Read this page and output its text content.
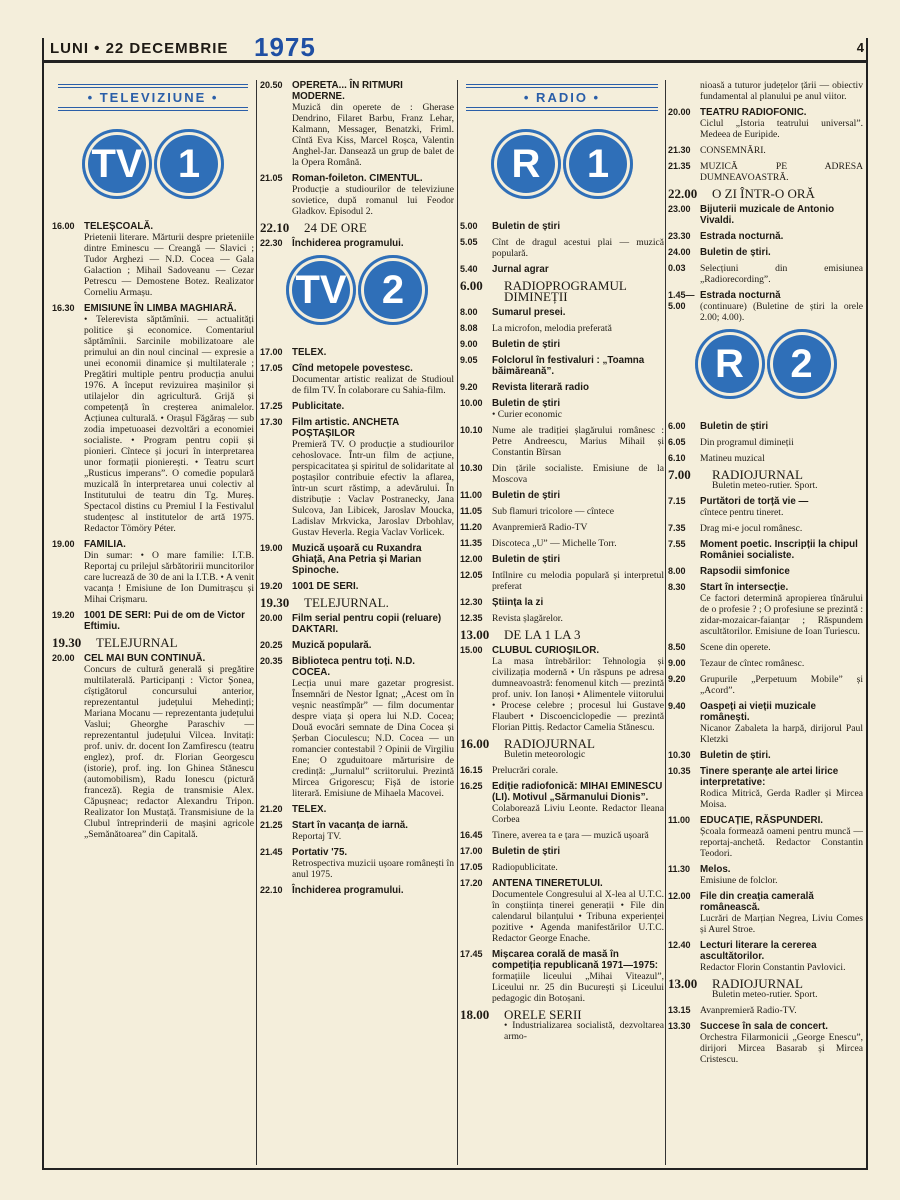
LUNI • 22 DECEMBRIE 1975	4
• TELEVIZIUNE •
TV 1
16.00 TELEȘCOALĂ.
Prietenii literare. Mărturii despre prieteniile dintre Eminescu — Creangă — Slavici ; Tudor Arghezi — N.D. Cocea — Gala Galaction ; Mihail Sadoveanu — Cezar Petrescu — Demostene Botez. Realizator Corneliu Armașu.
16.30 EMISIUNE ÎN LIMBA MAGHIARĂ.
• Telerevista săptămînii. — actualități politice și economice. Comentariul săptămînii. Sarcinile mobilizatoare ale primului an din noul cincinal — expresie a unei economii dinamice și multilaterale ; Pregătiri multiple pentru producția anului 1976. A început revizuirea mașinilor și utilajelor din agricultură. Grijă și competență în creșterea animalelor. Acțiunea culturală. • Orașul Făgăraș — sub zodia impetuoasei dezvoltări a economiei socialiste. • Program pentru copii și pionieri. Cîntece și jocuri în interpretarea unor formații pionierești. • Teatru scurt „Rusticus imperans”. O comedie populară muzicală în interpretarea unui colectiv al Institutului de teatru din Tg. Mureș. Spectacol distins cu Premiul I la Festivalul studențesc al institutelor de artă 1975. Redactor Tömöry Péter.
19.00 FAMILIA.
Din sumar: • O mare familie: I.T.B. Reportaj cu prilejul sărbătoririi muncitorilor care lucrează de 30 de ani la I.T.B. • A venit vacanța ! Emisiune de Ion Dumitrașcu și Mihai Crișmaru.
19.20 1001 DE SERI: Pui de om de Victor Eftimiu.
19.30	TELEJURNAL
20.00 CEL MAI BUN CONTINUĂ.
Concurs de cultură generală și pregătire multilaterală. Participanți : Victor Șonea, cîștigătorul concursului anterior, reprezentantul județului Mehedinți; Mariana Mocanu — reprezentanta județului Vaslui; Gheorghe Paraschiv — reprezentantul județului Vilcea. Invitați: prof. univ. dr. docent Ion Zamfirescu (teatru englez), prof. dr. Florian Georgescu (istorie), prof. ing. Ion Ghinea Stănescu (automobilism), Radu Ionescu (pictură franceză). Regia de transmisie Alex. Căpușneac; redactor Alexandru Tripon. Realizator Ion Mustață. Transmisiune de la Clubul întreprinderii de mașini agricole „Semănătoarea” din Capitală.
20.50 OPERETA... ÎN RITMURI MODERNE.
Muzică din operete de : Gherase Dendrino, Filaret Barbu, Franz Lehar, Kalmann, Messager, Benatzki, Friml. Cîntă Eva Kiss, Marcel Roșca, Valentin Anghel-Jar. Dansează un grup de balet de la Opera Română.
21.05 Roman-foileton. CIMENTUL.
Producție a studiourilor de televiziune sovietice, după romanul lui Feodor Gladkov. Episodul 2.
22.10	24 DE ORE
22.30 Închiderea programului.
TV 2
17.00 TELEX.
17.05 Cînd metopele povestesc.
Documentar artistic realizat de Studioul de film TV. În colaborare cu Sahia-film.
17.25 Publicitate.
17.30 Film artistic. ANCHETA POȘTAȘILOR
Premieră TV. O producție a studiourilor cehoslovace. Într-un film de acțiune, perspicacitatea și spiritul de solidaritate al poștașilor contribuie efectiv la aflarea, într-un scurt răstimp, a adevărului. În distribuție : Vaclav Postranecky, Jana Sulcova, Jan Libicek, Jaroslav Moucka, Ladislav Mrkvicka, Jaroslav Drbohlav, Gustav Heverla. Regia Vaclav Vorlicek.
19.00 Muzică ușoară cu Ruxandra Ghiață, Ana Petria și Marian Spinoche.
19.20 1001 DE SERI.
19.30	TELEJURNAL.
20.00 Film serial pentru copii (reluare) DAKTARI.
20.25 Muzică populară.
20.35 Biblioteca pentru toți. N.D. COCEA.
Lecția unui mare gazetar progresist. Însemnări de Nestor Ignat; „Acest om în veșnic neastîmpăr” — film documentar despre viața și opera lui N.D. Cocea; Două evocări semnate de Dina Cocea și Șerban Cioculescu; N.D. Cocea — un romancier contestabil ? Opinii de Virgiliu Ene; O zguduitoare mărturisire de credință: „Jurnalul” scriitorului. Prezintă Mircea Grigorescu; Fișă de istorie literară. Emisiune de Mihaela Macovei.
21.20 TELEX.
21.25 Start în vacanța de iarnă.
Reportaj TV.
21.45 Portativ '75.
Retrospectiva muzicii ușoare românești în anul 1975.
22.10 Închiderea programului.
• RADIO •
R	1
5.00	Buletin de știri
5.05	Cînt de dragul acestui plai — muzică populară.
5.40	Jurnal agrar
6.00	RADIOPROGRAMUL DIMINEȚII
8.00	Sumarul presei.
8.08	La microfon, melodia preferată
9.00	Buletin de știri
9.05	Folclorul în festivaluri : „Toamna băimăreană”.
9.20	Revista literară radio
10.00 Buletin de știri
• Curier economic
10.10 Nume ale tradiției șlagărului românesc : Petre Andreescu, Marius Mihail și Constantin Bîrsan
10.30 Din țările socialiste. Emisiune de la Moscova
11.00	Buletin de știri
11.05	Sub flamuri tricolore — cîntece
11.20	Avanpremieră Radio-TV
11.35	Discoteca „U” — Michelle Torr.
12.00 Buletin de știri
12.05 Intîlnire cu melodia populară și interpretul preferat
12.30 Știința la zi
12.35 Revista șlagărelor.
13.00	DE LA 1 LA 3
15.00 CLUBUL CURIOȘILOR.
La masa întrebărilor: Tehnologia și civilizația modernă • Un răspuns pe adresa dumneavoastră: fenomenul kitch — prezintă prof. univ. Ion Ianoși • Alimentele viitorului • Procese celebre ; procesul lui Gustave Flaubert • Discoenciclopedie — prezintă Florian Pittiș. Redactor Camelia Stănescu.
16.00	RADIOJURNAL
Buletin meteorologic
16.15 Prelucrări corale.
16.25 Ediție radiofonică: MIHAI EMINESCU (LI). Motivul „Sărmanului Dionis”.
Colaborează Liviu Leonte. Redactor Ileana Corbea
16.45 Tinere, averea ta e țara — muzică ușoară
17.00 Buletin de știri
17.05 Radiopublicitate.
17.20 ANTENA TINERETULUI.
Documentele Congresului al X-lea al U.T.C. în conștiința tinerei generații • File din calendarul bilanțului • Tribuna experienței pozitive • Agenda manifestărilor U.T.C. Redactor George Enache.
17.45 Mișcarea corală de masă în competiția republicană 1971—1975:
formațiile liceului „Mihai Viteazul”, Liceului nr. 25 din București și Liceului pedagogic din Botoșani.
18.00	ORELE SERII
• Industrializarea socialistă, dezvoltarea armo-
nioasă a tuturor județelor țării — obiectiv fundamental al planului pe anul viitor.
20.00 TEATRU RADIOFONIC.
Ciclul „Istoria teatrului universal”. Medeea de Euripide.
21.30 CONSEMNĂRI.
21.35 MUZICĂ PE ADRESA DUMNEAVOASTRĂ.
22.00	O ZI ÎNTR-O ORĂ
23.00 Bijuterii muzicale de Antonio Vivaldi.
23.30 Estrada nocturnă.
24.00 Buletin de știri.
0.03	Selecțiuni din emisiunea „Radiorecording”.
1.45—5.00
Estrada nocturnă
(continuare) (Buletine de știri la orele 2.00; 4.00).
R	2
6.00	Buletin de știri
6.05	Din programul dimineții
6.10	Matineu muzical
7.00	RADIOJURNAL
Buletin meteo-rutier. Sport.
7.15	Purtători de torță vie —
cîntece pentru tineret.
7.35	Drag mi-e jocul românesc.
7.55	Moment poetic. Inscripții la chipul României socialiste.
8.00	Rapsodii simfonice
8.30	Start în intersecție.
Ce factori determină apropierea tînărului de o profesie ? ; O profesiune se prezintă : zidar-mozaicar-faianțar ; Răspundem ascultătorilor. Emisiune de Ioan Turiescu.
8.50	Scene din operete.
9.00	Tezaur de cîntec românesc.
9.20	Grupurile „Perpetuum Mobile” și „Acord”.
9.40	Oaspeți ai vieții muzicale românești.
Nicanor Zabaleta la harpă, dirijorul Paul Kletzki
10.30 Buletin de știri.
10.35 Tinere speranțe ale artei lirice interpretative:
Rodica Mitrică, Gerda Radler și Mircea Moisa.
11.00	EDUCAȚIE, RĂSPUNDERI.
Școala formează oameni pentru muncă — reportaj-anchetă. Redactor Constantin Teodori.
11.30	Melos.
Emisiune de folclor.
12.00 File din creația camerală românească.
Lucrări de Marțian Negrea, Liviu Comes și Aurel Stroe.
12.40 Lecturi literare la cererea ascultătorilor.
Redactor Florin Constantin Pavlovici.
13.00	RADIOJURNAL
Buletin meteo-rutier. Sport.
13.15 Avanpremieră Radio-TV.
13.30 Succese în sala de concert.
Orchestra Filarmonicii „George Enescu”, dirijori Mircea Basarab și Mircea Cristescu.
